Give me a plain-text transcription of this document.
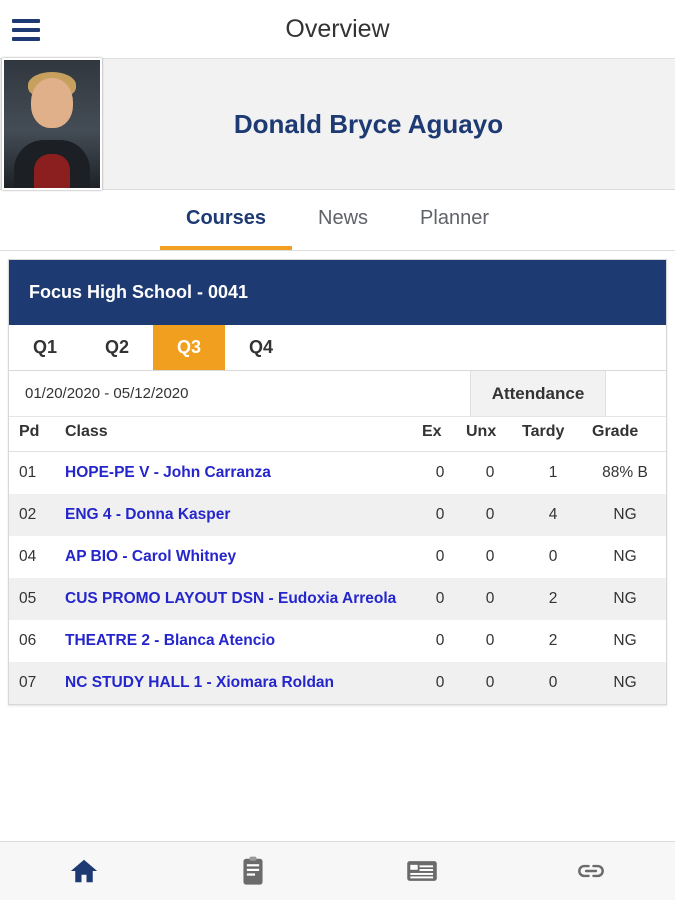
Overview
Donald Bryce Aguayo
Courses	News	Planner
Focus High School - 0041
Q1	Q2	Q3	Q4
01/20/2020 - 05/12/2020	Attendance
Pd	Class	Ex	Unx	Tardy	Grade
01	HOPE-PE V - John Carranza	0	0	1	88% B
02	ENG 4 - Donna Kasper	0	0	4	NG
04	AP BIO - Carol Whitney	0	0	0	NG
05	CUS PROMO LAYOUT DSN - Eudoxia Arreola	0	0	2	NG
06	THEATRE 2 - Blanca Atencio	0	0	2	NG
07	NC STUDY HALL 1 - Xiomara Roldan	0	0	0	NG
